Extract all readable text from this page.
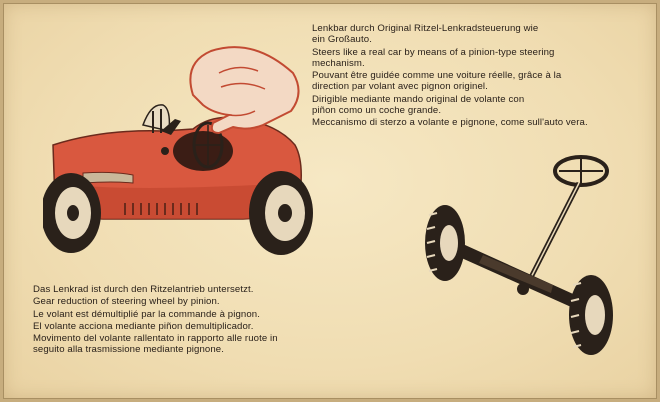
Lenkbar durch Original Ritzel-Lenkradsteuerung wie
ein Großauto.

Steers like a real car by means of a pinion-type steering
mechanism.

Pouvant être guidée comme une voiture réelle, grâce à la
direction par volant avec pignon originel.

Dirigible mediante mando original de volante con
piñon como un coche grande.

Meccanismo di sterzo a volante e pignone, come sull'auto vera.

Das Lenkrad ist durch den Ritzelantrieb untersetzt.

Gear reduction of steering wheel by pinion.

Le volant est démultiplié par la commande à pignon.

El volante acciona mediante piñon demultiplicador.

Movimento del volante rallentato in rapporto alle ruote in
seguito alla trasmissione mediante pignone.
